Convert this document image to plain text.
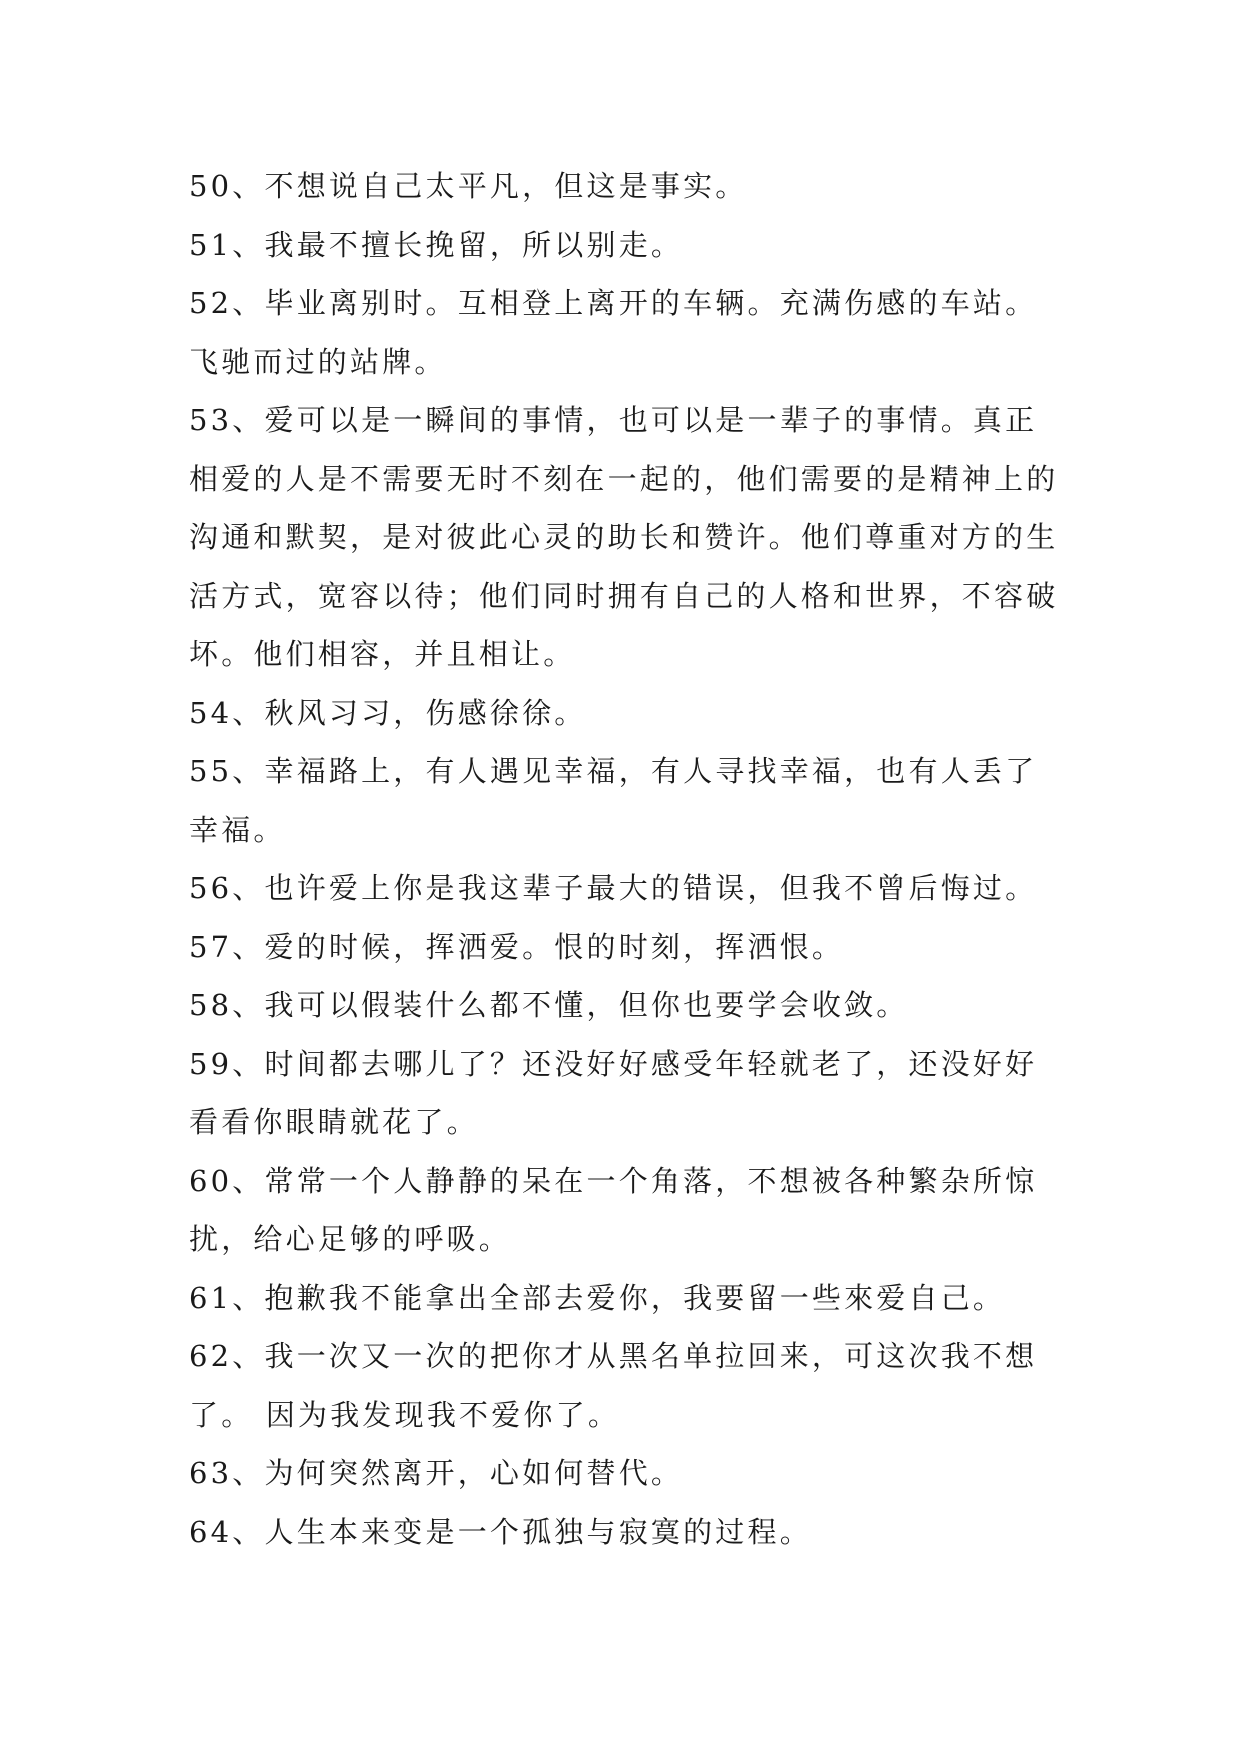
50、不想说自己太平凡，但这是事实。

51、我最不擅长挽留，所以别走。

52、毕业离别时。互相登上离开的车辆。充满伤感的车站。飞驰而过的站牌。

53、爱可以是一瞬间的事情，也可以是一辈子的事情。真正相爱的人是不需要无时不刻在一起的，他们需要的是精神上的沟通和默契，是对彼此心灵的助长和赞许。他们尊重对方的生活方式，宽容以待；他们同时拥有自己的人格和世界，不容破坏。他们相容，并且相让。

54、秋风习习，伤感徐徐。

55、幸福路上，有人遇见幸福，有人寻找幸福，也有人丢了幸福。

56、也许爱上你是我这辈子最大的错误，但我不曾后悔过。

57、爱的时候，挥洒爱。恨的时刻，挥洒恨。

58、我可以假装什么都不懂，但你也要学会收敛。

59、时间都去哪儿了？还没好好感受年轻就老了，还没好好看看你眼睛就花了。

60、常常一个人静静的呆在一个角落，不想被各种繁杂所惊扰，给心足够的呼吸。

61、抱歉我不能拿出全部去爱你，我要留一些來爱自己。

62、我一次又一次的把你才从黑名单拉回来，可这次我不想了。 因为我发现我不爱你了。

63、为何突然离开，心如何替代。

64、人生本来变是一个孤独与寂寞的过程。
